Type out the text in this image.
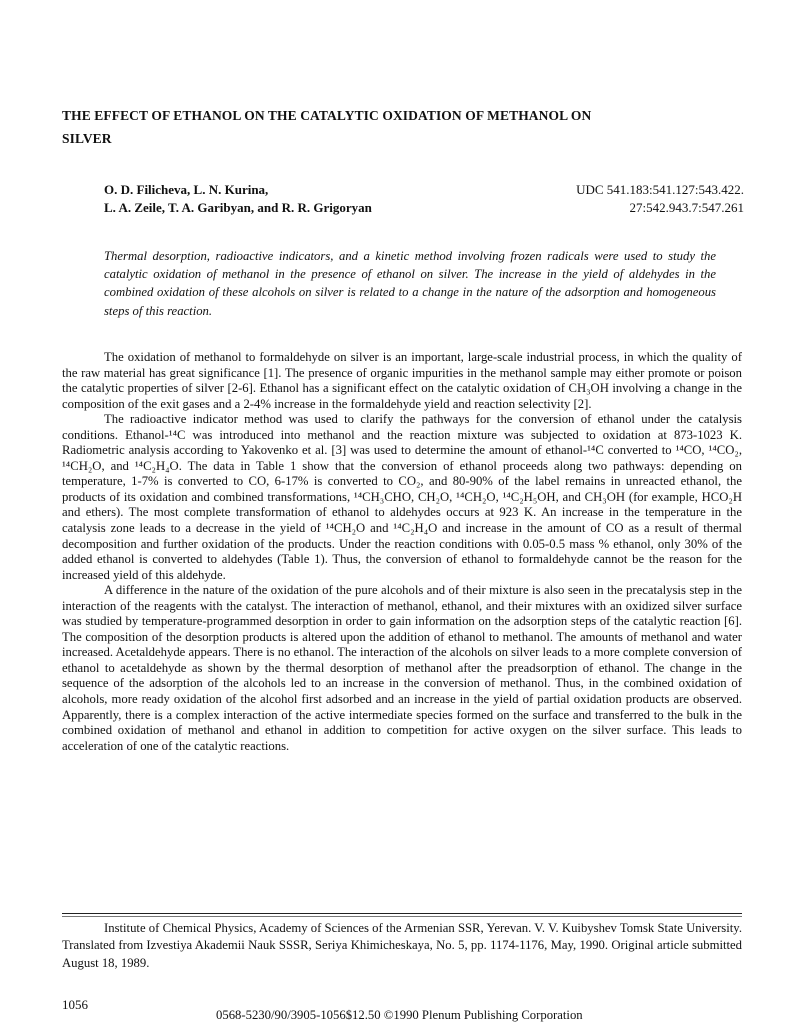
THE EFFECT OF ETHANOL ON THE CATALYTIC OXIDATION OF METHANOL ON SILVER
O. D. Filicheva, L. N. Kurina,
L. A. Zeile, T. A. Garibyan, and R. R. Grigoryan
UDC 541.183:541.127:543.422.
27:542.943.7:547.261
Thermal desorption, radioactive indicators, and a kinetic method involving frozen radicals were used to study the catalytic oxidation of methanol in the presence of ethanol on silver. The increase in the yield of aldehydes in the combined oxidation of these alcohols on silver is related to a change in the nature of the adsorption and homogeneous steps of this reaction.

The oxidation of methanol to formaldehyde on silver is an important, large-scale industrial process, in which the quality of the raw material has great significance [1]. The presence of organic impurities in the methanol sample may either promote or poison the catalytic properties of silver [2-6]. Ethanol has a significant effect on the catalytic oxidation of CH₃OH involving a change in the composition of the exit gases and a 2-4% increase in the formaldehyde yield and reaction selectivity [2].

The radioactive indicator method was used to clarify the pathways for the conversion of ethanol under the catalysis conditions. Ethanol-¹⁴C was introduced into methanol and the reaction mixture was subjected to oxidation at 873-1023 K. Radiometric analysis according to Yakovenko et al. [3] was used to determine the amount of ethanol-¹⁴C converted to ¹⁴CO, ¹⁴CO₂, ¹⁴CH₂O, and ¹⁴C₂H₄O. The data in Table 1 show that the conversion of ethanol proceeds along two pathways: depending on temperature, 1-7% is converted to CO, 6-17% is converted to CO₂, and 80-90% of the label remains in unreacted ethanol, the products of its oxidation and combined transformations, ¹⁴CH₃CHO, CH₂O, ¹⁴CH₂O, ¹⁴C₂H₅OH, and CH₃OH (for example, HCO₂H and ethers). The most complete transformation of ethanol to aldehydes occurs at 923 K. An increase in the temperature in the catalysis zone leads to a decrease in the yield of ¹⁴CH₂O and ¹⁴C₂H₄O and increase in the amount of CO as a result of thermal decomposition and further oxidation of the products. Under the reaction conditions with 0.05-0.5 mass % ethanol, only 30% of the added ethanol is converted to aldehydes (Table 1). Thus, the conversion of ethanol to formaldehyde cannot be the reason for the increased yield of this aldehyde.

A difference in the nature of the oxidation of the pure alcohols and of their mixture is also seen in the precatalysis step in the interaction of the reagents with the catalyst. The interaction of methanol, ethanol, and their mixtures with an oxidized silver surface was studied by temperature-programmed desorption in order to gain information on the adsorption steps of the catalytic reaction [6]. The composition of the desorption products is altered upon the addition of ethanol to methanol. The amounts of methanol and water increased. Acetaldehyde appears. There is no ethanol. The interaction of the alcohols on silver leads to a more complete conversion of ethanol to acetaldehyde as shown by the thermal desorption of methanol after the preadsorption of ethanol. The change in the sequence of the adsorption of the alcohols led to an increase in the conversion of methanol. Thus, in the combined oxidation of alcohols, more ready oxidation of the alcohol first adsorbed and an increase in the yield of partial oxidation products are observed. Apparently, there is a complex interaction of the active intermediate species formed on the surface and transferred to the bulk in the combined oxidation of methanol and ethanol in addition to competition for active oxygen on the silver surface. This leads to acceleration of one of the catalytic reactions.

Institute of Chemical Physics, Academy of Sciences of the Armenian SSR, Yerevan. V. V. Kuibyshev Tomsk State University. Translated from Izvestiya Akademii Nauk SSSR, Seriya Khimicheskaya, No. 5, pp. 1174-1176, May, 1990. Original article submitted August 18, 1989.

1056
0568-5230/90/3905-1056$12.50 ©1990 Plenum Publishing Corporation
